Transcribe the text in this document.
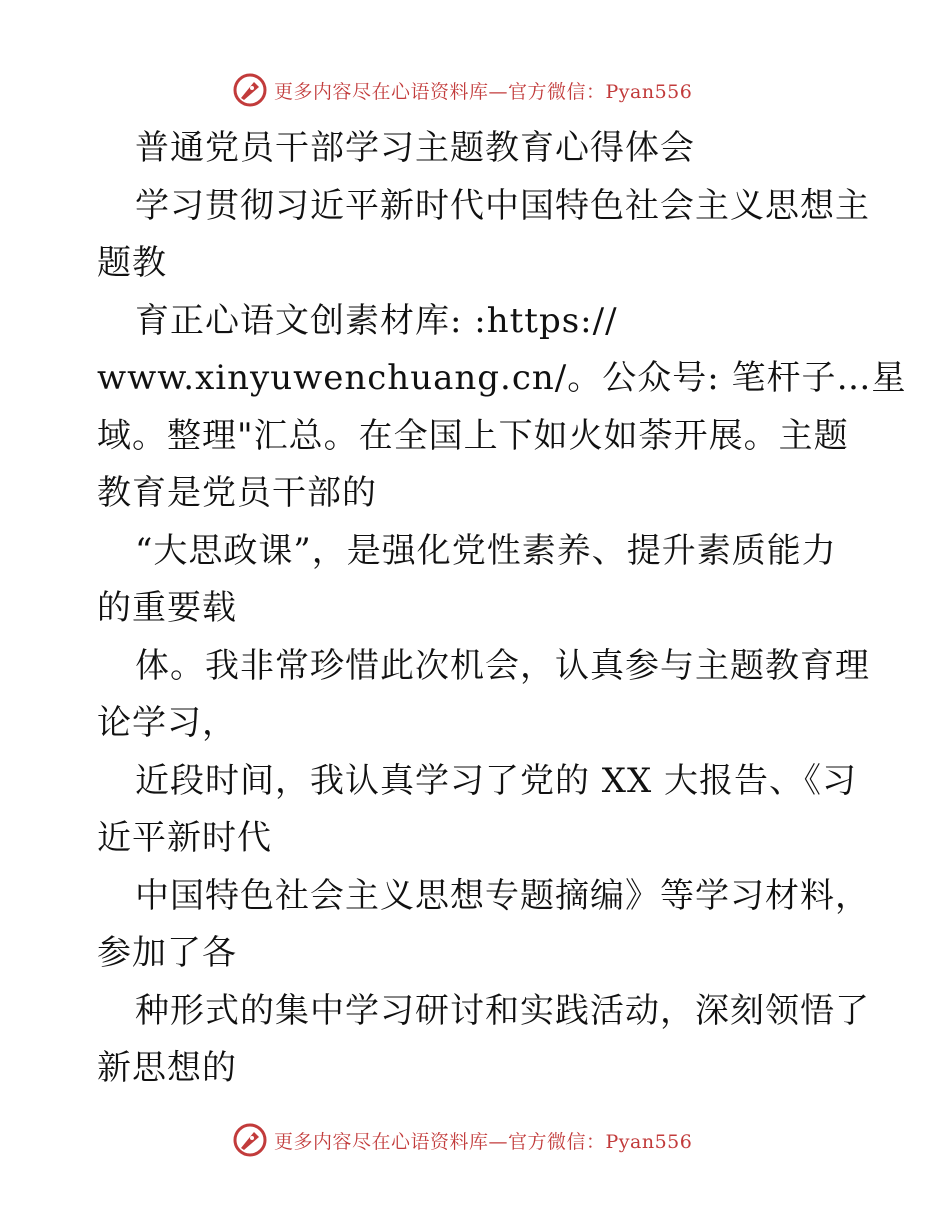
更多内容尽在心语资料库—官方微信：Pyan556
普通党员干部学习主题教育心得体会
学习贯彻习近平新时代中国特色社会主义思想主
题教
育正心语文创素材库: :https://
www.xinyuwenchuang.cn/。公众号: 笔杆子…星
域。整理"汇总。在全国上下如火如荼开展。主题
教育是党员干部的
“大思政课”，是强化党性素养、提升素质能力
的重要载
体。我非常珍惜此次机会，认真参与主题教育理
论学习，
近段时间，我认真学习了党的 XX 大报告、《习
近平新时代
中国特色社会主义思想专题摘编》等学习材料，
参加了各
种形式的集中学习研讨和实践活动，深刻领悟了
新思想的
更多内容尽在心语资料库—官方微信：Pyan556
